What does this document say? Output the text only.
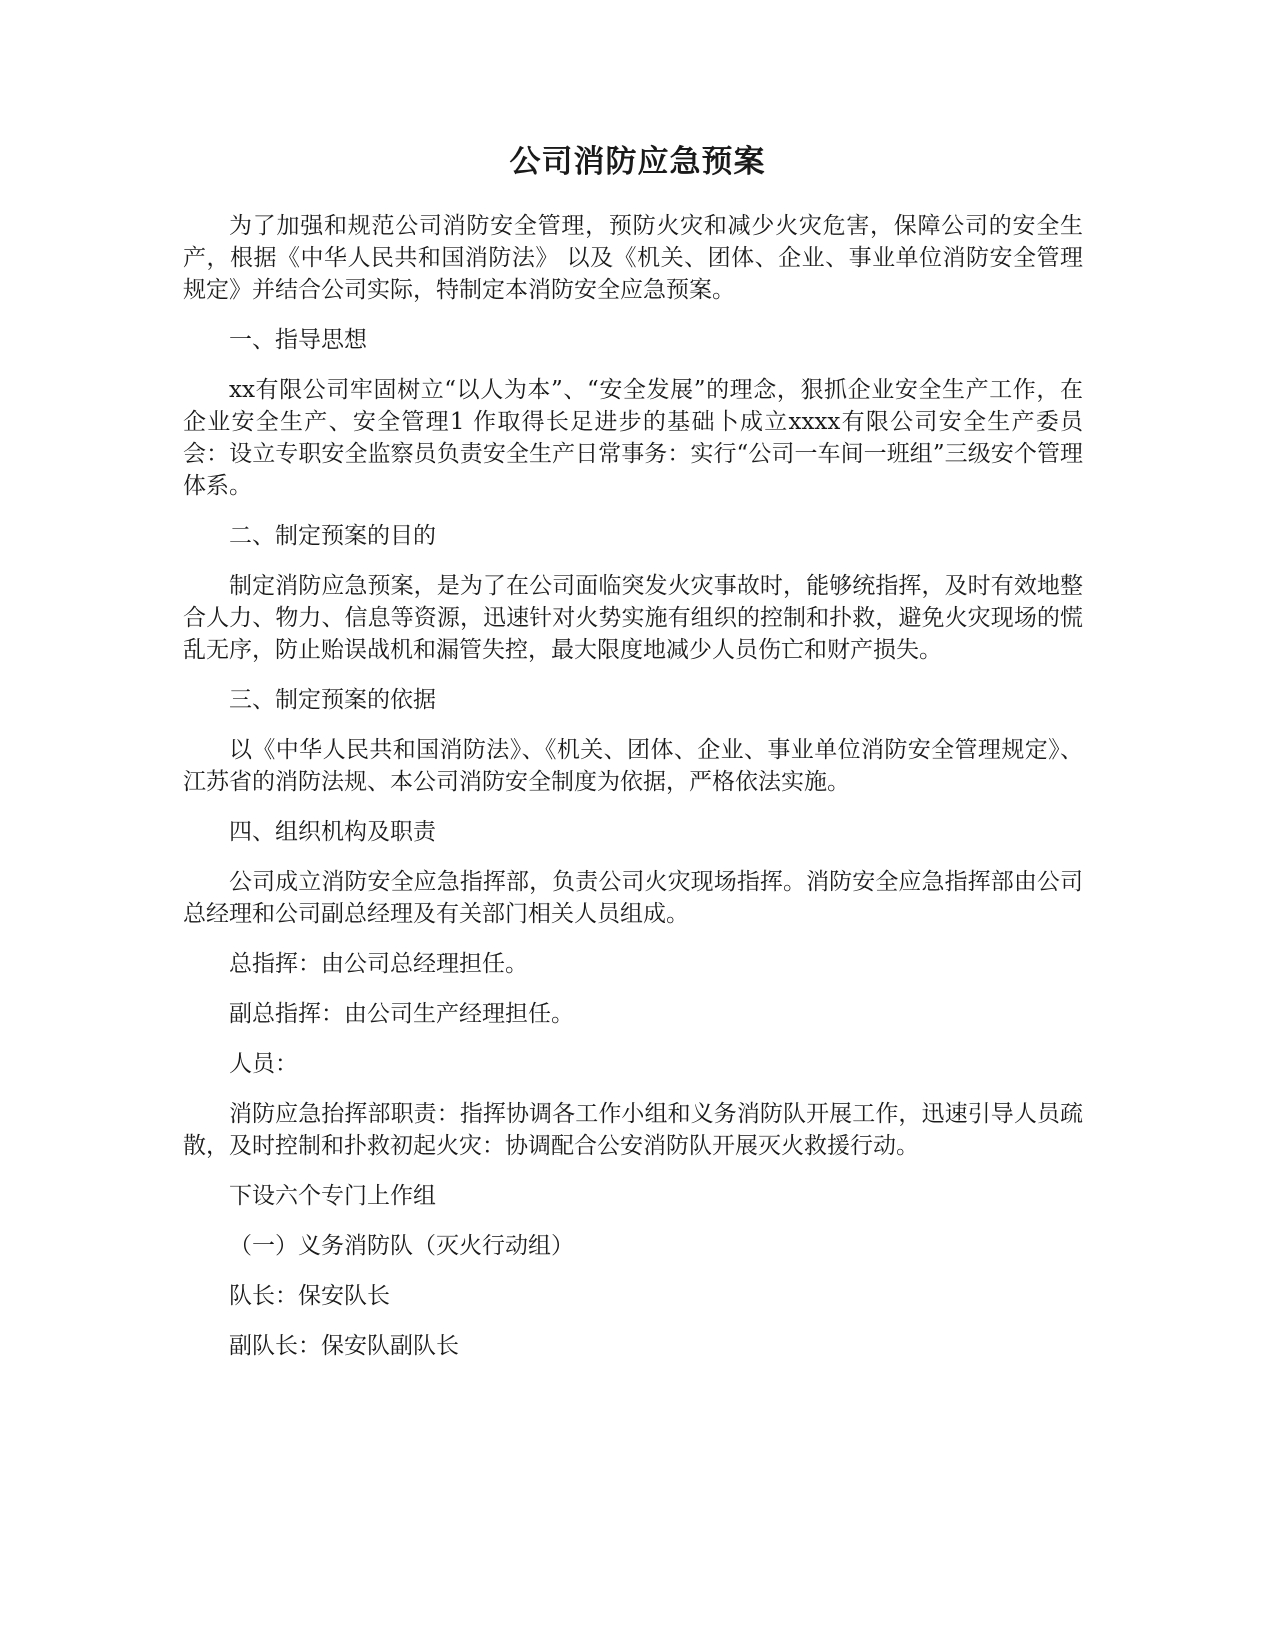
公司消防应急预案

为了加强和规范公司消防安全管理，预防火灾和减少火灾危害，保障公司的安全生产，根据《中华人民共和国消防法》 以及《机关、团体、企业、事业单位消防安全管理规定》并结合公司实际，特制定本消防安全应急预案。

一、指导思想

xx有限公司牢固树立“以人为本”、“安全发展”的理念，狠抓企业安全生产工作，在企业安全生产、安全管理1 作取得长足进步的基础卜成立xxxx有限公司安全生产委员会：设立专职安全监察员负责安全生产日常事务：实行“公司一车间一班组”三级安个管理体系。

二、制定预案的目的

制定消防应急预案，是为了在公司面临突发火灾事故时，能够统指挥，及时有效地整合人力、物力、信息等资源，迅速针对火势实施有组织的控制和扑救，避免火灾现场的慌乱无序，防止贻误战机和漏管失控，最大限度地减少人员伤亡和财产损失。

三、制定预案的依据

以《中华人民共和国消防法》、《机关、团体、企业、事业单位消防安全管理规定》、江苏省的消防法规、本公司消防安全制度为依据，严格依法实施。

四、组织机构及职责

公司成立消防安全应急指挥部，负责公司火灾现场指挥。消防安全应急指挥部由公司总经理和公司副总经理及有关部门相关人员组成。

总指挥：由公司总经理担任。

副总指挥：由公司生产经理担任。

人员：

消防应急抬挥部职责：指挥协调各工作小组和义务消防队开展工作，迅速引导人员疏散，及时控制和扑救初起火灾：协调配合公安消防队开展灭火救援行动。

下设六个专门上作组

（一）义务消防队（灭火行动组）

队长：保安队长

副队长：保安队副队长
